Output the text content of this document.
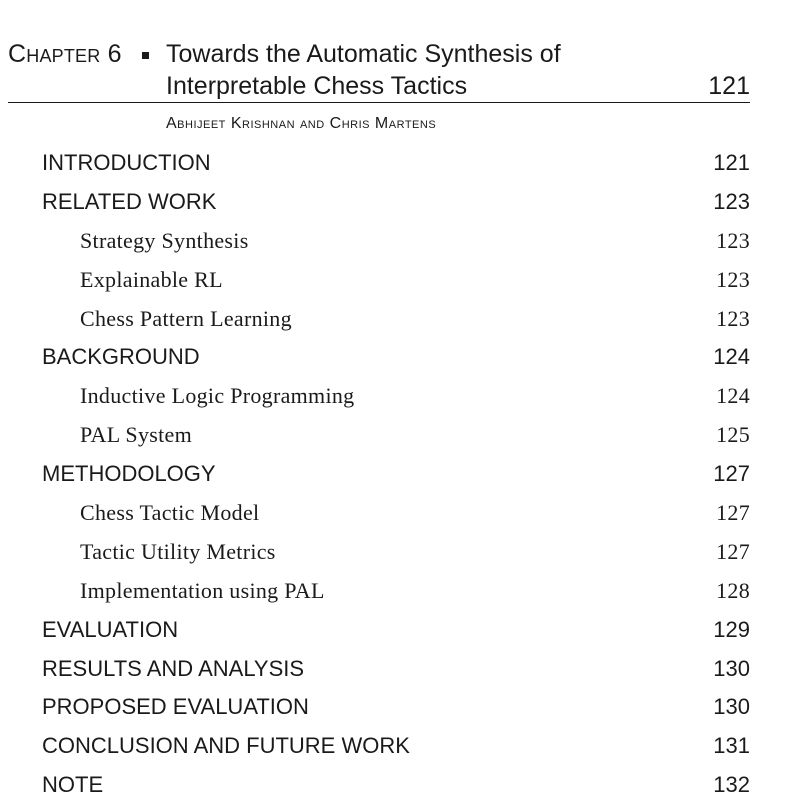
Chapter 6 Towards the Automatic Synthesis of Interpretable Chess Tactics	121
Abhijeet Krishnan and Chris Martens
INTRODUCTION	121
RELATED WORK	123
Strategy Synthesis	123
Explainable RL	123
Chess Pattern Learning	123
BACKGROUND	124
Inductive Logic Programming	124
PAL System	125
METHODOLOGY	127
Chess Tactic Model	127
Tactic Utility Metrics	127
Implementation using PAL	128
EVALUATION	129
RESULTS AND ANALYSIS	130
PROPOSED EVALUATION	130
CONCLUSION AND FUTURE WORK	131
NOTE	132
